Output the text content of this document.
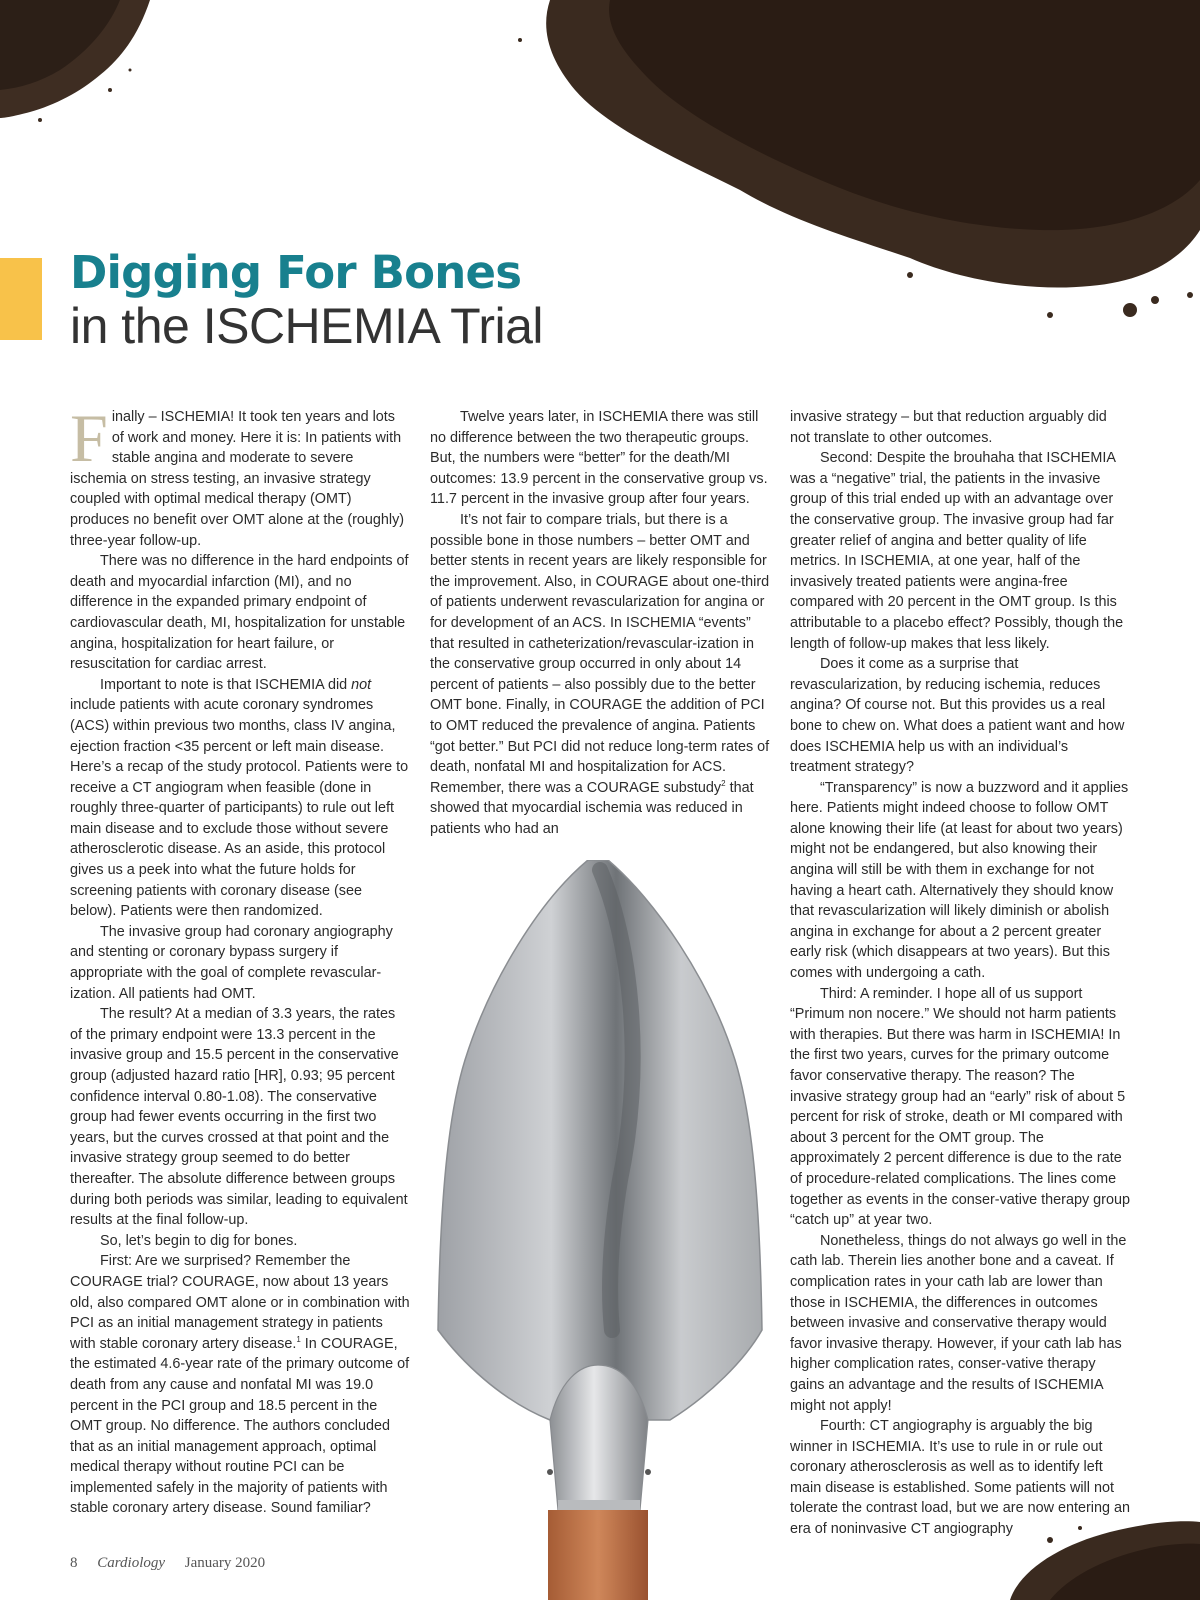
Digging For Bones
in the ISCHEMIA Trial

Finally – ISCHEMIA! It took ten years and lots of work and money. Here it is: In patients with stable angina and moderate to severe ischemia on stress testing, an invasive strategy coupled with optimal medical therapy (OMT) produces no benefit over OMT alone at the (roughly) three-year follow-up.

There was no difference in the hard endpoints of death and myocardial infarction (MI), and no difference in the expanded primary endpoint of cardiovascular death, MI, hospitalization for unstable angina, hospitalization for heart failure, or resuscitation for cardiac arrest.

Important to note is that ISCHEMIA did not include patients with acute coronary syndromes (ACS) within previous two months, class IV angina, ejection fraction <35 percent or left main disease. Here’s a recap of the study protocol. Patients were to receive a CT angiogram when feasible (done in roughly three-quarter of participants) to rule out left main disease and to exclude those without severe atherosclerotic disease. As an aside, this protocol gives us a peek into what the future holds for screening patients with coronary disease (see below). Patients were then randomized.

The invasive group had coronary angiography and stenting or coronary bypass surgery if appropriate with the goal of complete revascular-ization. All patients had OMT.

The result? At a median of 3.3 years, the rates of the primary endpoint were 13.3 percent in the invasive group and 15.5 percent in the conservative group (adjusted hazard ratio [HR], 0.93; 95 percent confidence interval 0.80-1.08). The conservative group had fewer events occurring in the first two years, but the curves crossed at that point and the invasive strategy group seemed to do better thereafter. The absolute difference between groups during both periods was similar, leading to equivalent results at the final follow-up.

So, let’s begin to dig for bones.

First: Are we surprised? Remember the COURAGE trial? COURAGE, now about 13 years old, also compared OMT alone or in combination with PCI as an initial management strategy in patients with stable coronary artery disease.$^1$ In COURAGE, the estimated 4.6-year rate of the primary outcome of death from any cause and nonfatal MI was 19.0 percent in the PCI group and 18.5 percent in the OMT group. No difference. The authors concluded that as an initial management approach, optimal medical therapy without routine PCI can be implemented safely in the majority of patients with stable coronary artery disease. Sound familiar?

Twelve years later, in ISCHEMIA there was still no difference between the two therapeutic groups. But, the numbers were “better” for the death/MI outcomes: 13.9 percent in the conservative group vs. 11.7 percent in the invasive group after four years.

It’s not fair to compare trials, but there is a possible bone in those numbers – better OMT and better stents in recent years are likely responsible for the improvement. Also, in COURAGE about one-third of patients underwent revascularization for angina or for development of an ACS. In ISCHEMIA “events” that resulted in catheterization/revascular-ization in the conservative group occurred in only about 14 percent of patients – also possibly due to the better OMT bone. Finally, in COURAGE the addition of PCI to OMT reduced the prevalence of angina. Patients “got better.” But PCI did not reduce long-term rates of death, nonfatal MI and hospitalization for ACS. Remember, there was a COURAGE substudy$^2$ that showed that myocardial ischemia was reduced in patients who had an

invasive strategy – but that reduction arguably did not translate to other outcomes.

Second: Despite the brouhaha that ISCHEMIA was a “negative” trial, the patients in the invasive group of this trial ended up with an advantage over the conservative group. The invasive group had far greater relief of angina and better quality of life metrics. In ISCHEMIA, at one year, half of the invasively treated patients were angina-free compared with 20 percent in the OMT group. Is this attributable to a placebo effect? Possibly, though the length of follow-up makes that less likely.

Does it come as a surprise that revascularization, by reducing ischemia, reduces angina? Of course not. But this provides us a real bone to chew on. What does a patient want and how does ISCHEMIA help us with an individual’s treatment strategy?

“Transparency” is now a buzzword and it applies here. Patients might indeed choose to follow OMT alone knowing their life (at least for about two years) might not be endangered, but also knowing their angina will still be with them in exchange for not having a heart cath. Alternatively they should know that revascularization will likely diminish or abolish angina in exchange for about a 2 percent greater early risk (which disappears at two years). But this comes with undergoing a cath.

Third: A reminder. I hope all of us support “Primum non nocere.” We should not harm patients with therapies. But there was harm in ISCHEMIA! In the first two years, curves for the primary outcome favor conservative therapy. The reason? The invasive strategy group had an “early” risk of about 5 percent for risk of stroke, death or MI compared with about 3 percent for the OMT group. The approximately 2 percent difference is due to the rate of procedure-related complications. The lines come together as events in the conser-vative therapy group “catch up” at year two.

Nonetheless, things do not always go well in the cath lab. Therein lies another bone and a caveat. If complication rates in your cath lab are lower than those in ISCHEMIA, the differences in outcomes between invasive and conservative therapy would favor invasive therapy. However, if your cath lab has higher complication rates, conser-vative therapy gains an advantage and the results of ISCHEMIA might not apply!

Fourth: CT angiography is arguably the big winner in ISCHEMIA. It’s use to rule in or rule out coronary atherosclerosis as well as to identify left main disease is established. Some patients will not tolerate the contrast load, but we are now entering an era of noninvasive CT angiography

8 Cardiology January 2020
